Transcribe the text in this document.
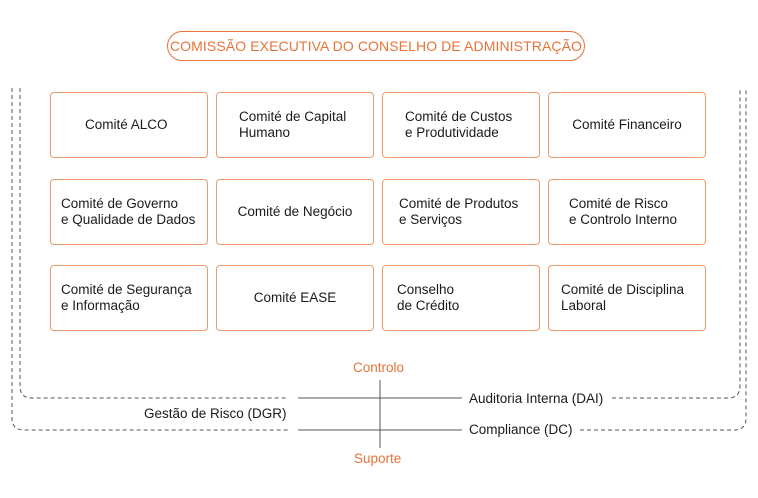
COMISSÃO EXECUTIVA DO CONSELHO DE ADMINISTRAÇÃO
Comité ALCO
Comité de Capital
Humano
Comité de Custos
e Produtividade
Comité Financeiro
Comité de Governo
e Qualidade de Dados
Comité de Negócio
Comité de Produtos
e Serviços
Comité de Risco
e Controlo Interno
Comité de Segurança
e Informação
Comité EASE
Conselho
de Crédito
Comité de Disciplina
Laboral
Controlo
Suporte
Gestão de Risco (DGR)
Auditoria Interna (DAI)
Compliance (DC)
